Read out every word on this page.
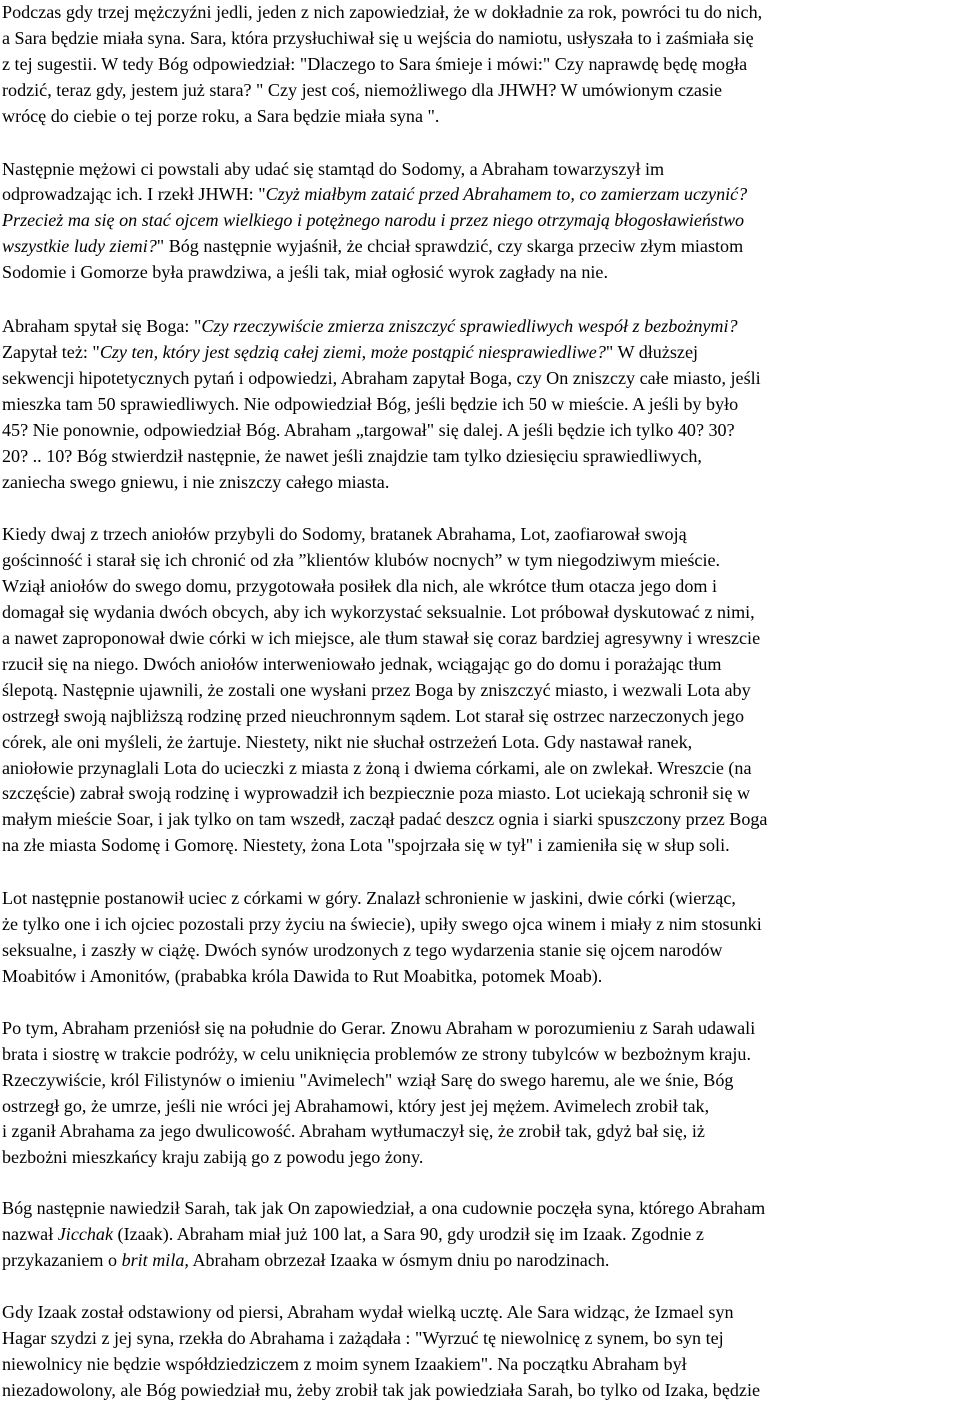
Podczas gdy trzej mężczyźni jedli, jeden z nich zapowiedział, że w dokładnie za rok, powróci tu do nich,
a Sara będzie miała syna. Sara, która przysłuchiwał się u wejścia do namiotu, usłyszała to i zaśmiała się
z tej sugestii. W tedy Bóg odpowiedział: "Dlaczego to Sara śmieje i mówi:" Czy naprawdę będę mogła
rodzić, teraz gdy, jestem już stara? " Czy jest coś, niemożliwego dla JHWH? W umówionym czasie
wrócę do ciebie o tej porze roku, a Sara będzie miała syna ".

Następnie mężowi ci powstali aby udać się stamtąd do Sodomy, a Abraham towarzyszył im
odprowadzając ich. I rzekł JHWH: "Czyż miałbym zataić przed Abrahamem to, co zamierzam uczynić?
Przecież ma się on stać ojcem wielkiego i potężnego narodu i przez niego otrzymają błogosławieństwo
wszystkie ludy ziemi?" Bóg następnie wyjaśnił, że chciał sprawdzić, czy skarga przeciw złym miastom
Sodomie i Gomorze była prawdziwa, a jeśli tak, miał ogłosić wyrok zagłady na nie.

Abraham spytał się Boga: "Czy rzeczywiście zmierza zniszczyć sprawiedliwych wespół z bezbożnymi?
Zapytał też: "Czy ten, który jest sędzią całej ziemi, może postąpić niesprawiedliwe?" W dłuższej
sekwencji hipotetycznych pytań i odpowiedzi, Abraham zapytał Boga, czy On zniszczy całe miasto, jeśli
mieszka tam 50 sprawiedliwych. Nie odpowiedział Bóg, jeśli będzie ich 50 w mieście. A jeśli by było
45? Nie ponownie, odpowiedział Bóg. Abraham „targował" się dalej. A jeśli będzie ich tylko 40? 30?
20? .. 10? Bóg stwierdził następnie, że nawet jeśli znajdzie tam tylko dziesięciu sprawiedliwych,
zaniecha swego gniewu, i nie zniszczy całego miasta.

Kiedy dwaj z trzech aniołów przybyli do Sodomy, bratanek Abrahama, Lot, zaofiarował swoją
gościnność i starał się ich chronić od zła ”klientów klubów nocnych” w tym niegodziwym mieście.
Wziął aniołów do swego domu, przygotowała posiłek dla nich, ale wkrótce tłum otacza jego dom i
domagał się wydania dwóch obcych, aby ich wykorzystać seksualnie. Lot próbował dyskutować z nimi,
a nawet zaproponował dwie córki w ich miejsce, ale tłum stawał się coraz bardziej agresywny i wreszcie
rzucił się na niego. Dwóch aniołów interweniowało jednak, wciągając go do domu i porażając tłum
ślepotą. Następnie ujawnili, że zostali one wysłani przez Boga by zniszczyć miasto, i wezwali Lota aby
ostrzegł swoją najbliższą rodzinę przed nieuchronnym sądem. Lot starał się ostrzec narzeczonych jego
córek, ale oni myśleli, że żartuje. Niestety, nikt nie słuchał ostrzeżeń Lota. Gdy nastawał ranek,
aniołowie przynaglali Lota do ucieczki z miasta z żoną i dwiema córkami, ale on zwlekał. Wreszcie (na
szczęście) zabrał swoją rodzinę i wyprowadził ich bezpiecznie poza miasto. Lot uciekają schronił się w
małym mieście Soar, i jak tylko on tam wszedł, zaczął padać deszcz ognia i siarki spuszczony przez Boga
na złe miasta Sodomę i Gomorę. Niestety, żona Lota "spojrzała się w tył" i zamieniła się w słup soli.

Lot następnie postanowił uciec z córkami w góry. Znalazł schronienie w jaskini, dwie córki (wierząc,
że tylko one i ich ojciec pozostali przy życiu na świecie), upiły swego ojca winem i miały z nim stosunki
seksualne, i zaszły w ciążę. Dwóch synów urodzonych z tego wydarzenia stanie się ojcem narodów
Moabitów i Amonitów, (prababka króla Dawida to Rut Moabitka, potomek Moab).

Po tym, Abraham przeniósł się na południe do Gerar. Znowu Abraham w porozumieniu z Sarah udawali
brata i siostrę w trakcie podróży, w celu uniknięcia problemów ze strony tubylców w bezbożnym kraju.
Rzeczywiście, król Filistynów o imieniu "Avimelech" wziął Sarę do swego haremu, ale we śnie, Bóg
ostrzegł go, że umrze, jeśli nie wróci jej Abrahamowi, który jest jej mężem. Avimelech zrobił tak,
i zganił Abrahama za jego dwulicowość. Abraham wytłumaczył się, że zrobił tak, gdyż bał się, iż
bezbożni mieszkańcy kraju zabiją go z powodu jego żony.

Bóg następnie nawiedził Sarah, tak jak On zapowiedział, a ona cudownie poczęła syna, którego Abraham
nazwał Jicchak (Izaak). Abraham miał już 100 lat, a Sara 90, gdy urodził się im Izaak. Zgodnie z
przykazaniem o brit mila, Abraham obrzezał Izaaka w ósmym dniu po narodzinach.

Gdy Izaak został odstawiony od piersi, Abraham wydał wielką ucztę. Ale Sara widząc, że Izmael syn
Hagar szydzi z jej syna, rzekła do Abrahama i zażądała : "Wyrzuć tę niewolnicę z synem, bo syn tej
niewolnicy nie będzie współdziedziczem z moim synem Izaakiem". Na początku Abraham był
niezadowolony, ale Bóg powiedział mu, żeby zrobił tak jak powiedziała Sarah, bo tylko od Izaka, będzie
